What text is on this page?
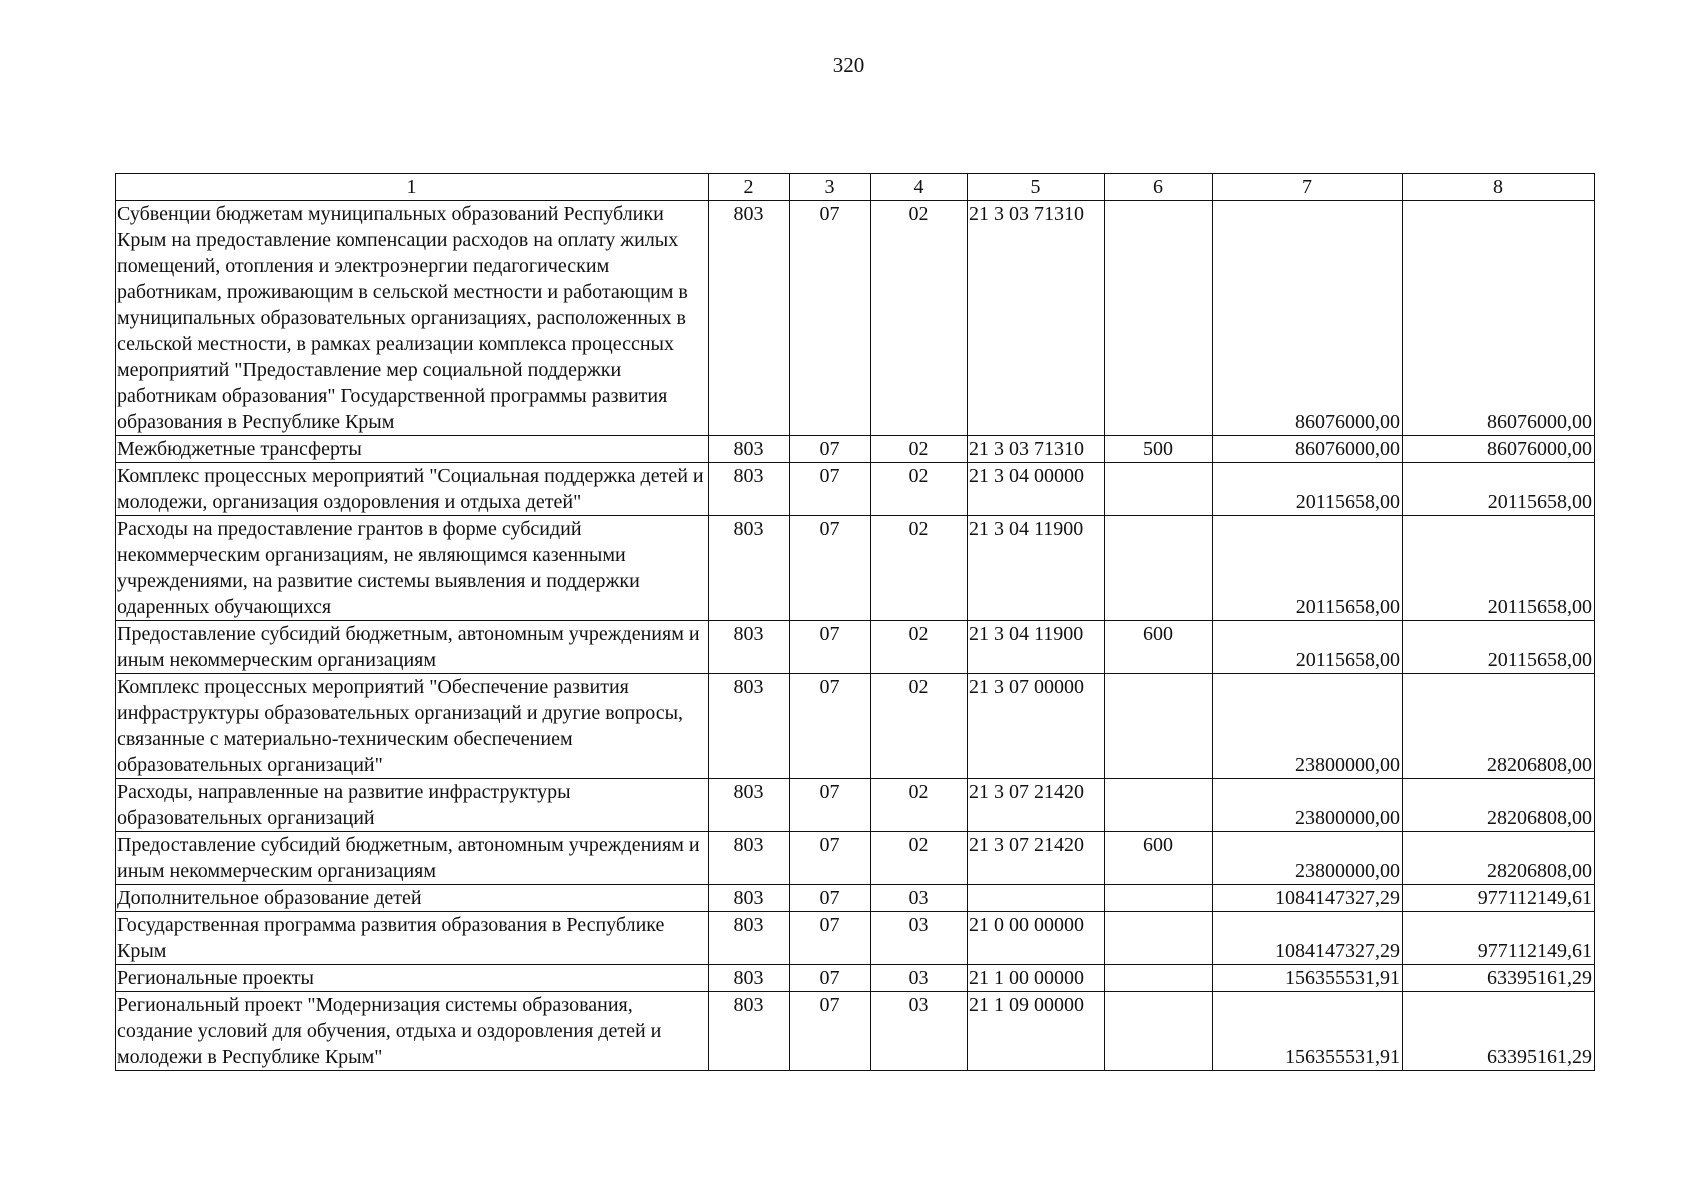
320
1	2	3	4	5	6	7	8
Субвенции бюджетам муниципальных образований Республики Крым на предоставление компенсации расходов на оплату жилых помещений, отопления и электроэнергии педагогическим работникам, проживающим в сельской местности и работающим в муниципальных образовательных организациях, расположенных в сельской местности, в рамках реализации комплекса процессных мероприятий "Предоставление мер социальной поддержки работникам образования" Государственной программы развития образования в Республике Крым	803	07	02	21 3 03 71310		86076000,00	86076000,00
Межбюджетные трансферты	803	07	02	21 3 03 71310	500	86076000,00	86076000,00
Комплекс процессных мероприятий "Социальная поддержка детей и молодежи, организация оздоровления и отдыха детей"	803	07	02	21 3 04 00000		20115658,00	20115658,00
Расходы на предоставление грантов в форме субсидий некоммерческим организациям, не являющимся казенными учреждениями, на развитие системы выявления и поддержки одаренных обучающихся	803	07	02	21 3 04 11900		20115658,00	20115658,00
Предоставление субсидий бюджетным, автономным учреждениям и иным некоммерческим организациям	803	07	02	21 3 04 11900	600	20115658,00	20115658,00
Комплекс процессных мероприятий "Обеспечение развития инфраструктуры образовательных организаций и другие вопросы, связанные с материально-техническим обеспечением образовательных организаций"	803	07	02	21 3 07 00000		23800000,00	28206808,00
Расходы, направленные на развитие инфраструктуры образовательных организаций	803	07	02	21 3 07 21420		23800000,00	28206808,00
Предоставление субсидий бюджетным, автономным учреждениям и иным некоммерческим организациям	803	07	02	21 3 07 21420	600	23800000,00	28206808,00
Дополнительное образование детей	803	07	03			1084147327,29	977112149,61
Государственная программа развития образования в Республике Крым	803	07	03	21 0 00 00000		1084147327,29	977112149,61
Региональные проекты	803	07	03	21 1 00 00000		156355531,91	63395161,29
Региональный проект "Модернизация системы образования, создание условий для обучения, отдыха и оздоровления детей и молодежи в Республике Крым"	803	07	03	21 1 09 00000		156355531,91	63395161,29
